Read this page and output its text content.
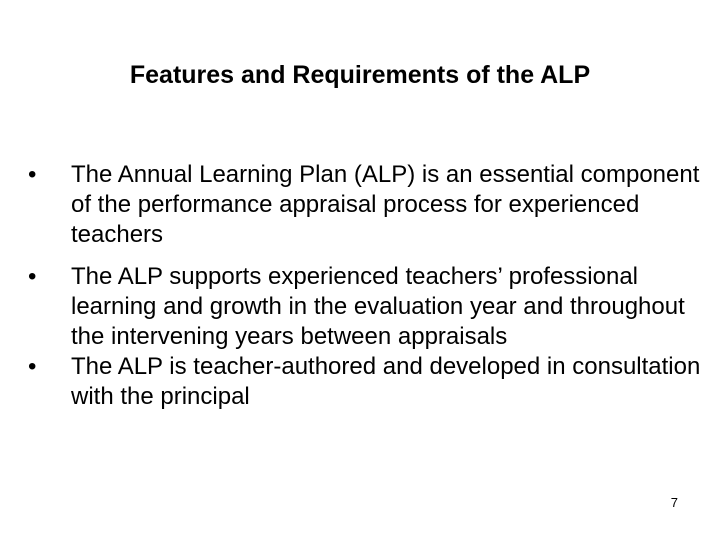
Features and Requirements of the ALP
•	The Annual Learning Plan (ALP) is an essential component of the performance appraisal process for experienced teachers
•	The ALP supports experienced teachers’ professional learning and growth in the evaluation year and throughout the intervening years between appraisals
•	The ALP is teacher-authored and developed in consultation with the principal
7
